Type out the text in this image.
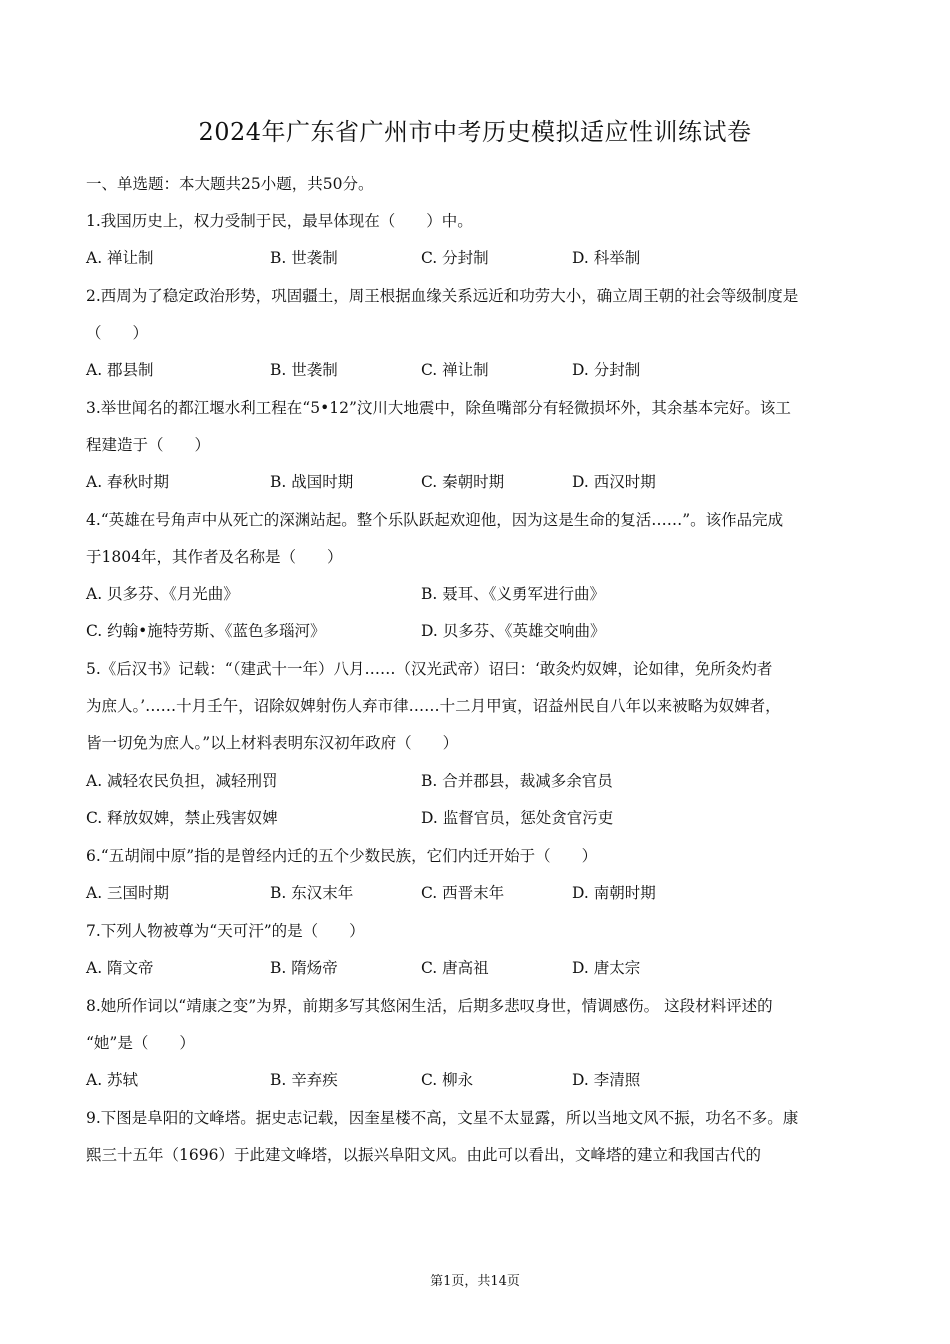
2024年广东省广州市中考历史模拟适应性训练试卷
一、单选题：本大题共25小题，共50分。
1.我国历史上，权力受制于民，最早体现在（　　）中。
A. 禅让制	B. 世袭制	C. 分封制	D. 科举制
2.西周为了稳定政治形势，巩固疆土，周王根据血缘关系远近和功劳大小，确立周王朝的社会等级制度是
（　　）
A. 郡县制	B. 世袭制	C. 禅让制	D. 分封制
3.举世闻名的都江堰水利工程在“5•12”汶川大地震中，除鱼嘴部分有轻微损坏外，其余基本完好。该工
程建造于（　　）
A. 春秋时期	B. 战国时期	C. 秦朝时期	D. 西汉时期
4.“英雄在号角声中从死亡的深渊站起。整个乐队跃起欢迎他，因为这是生命的复活……”。该作品完成
于1804年，其作者及名称是（　　）
A. 贝多芬、《月光曲》	B. 聂耳、《义勇军进行曲》
C. 约翰•施特劳斯、《蓝色多瑙河》	D. 贝多芬、《英雄交响曲》
5.《后汉书》记载：“（建武十一年）八月……（汉光武帝）诏曰：‘敢灸灼奴婢，论如律，免所灸灼者
为庶人。’……十月壬午，诏除奴婢射伤人弃市律……十二月甲寅，诏益州民自八年以来被略为奴婢者，
皆一切免为庶人。”以上材料表明东汉初年政府（　　）
A. 减轻农民负担，减轻刑罚	B. 合并郡县，裁减多余官员
C. 释放奴婢，禁止残害奴婢	D. 监督官员，惩处贪官污吏
6.“五胡闹中原”指的是曾经内迁的五个少数民族，它们内迁开始于（　　）
A. 三国时期	B. 东汉末年	C. 西晋末年	D. 南朝时期
7.下列人物被尊为“天可汗”的是（　　）
A. 隋文帝	B. 隋炀帝	C. 唐高祖	D. 唐太宗
8.她所作词以“靖康之变”为界，前期多写其悠闲生活，后期多悲叹身世，情调感伤。 这段材料评述的
“她”是（　　）
A. 苏轼	B. 辛弃疾	C. 柳永	D. 李清照
9.下图是阜阳的文峰塔。据史志记载，因奎星楼不高，文星不太显露，所以当地文风不振，功名不多。康
熙三十五年（1696）于此建文峰塔，以振兴阜阳文风。由此可以看出，文峰塔的建立和我国古代的
第1页，共14页
